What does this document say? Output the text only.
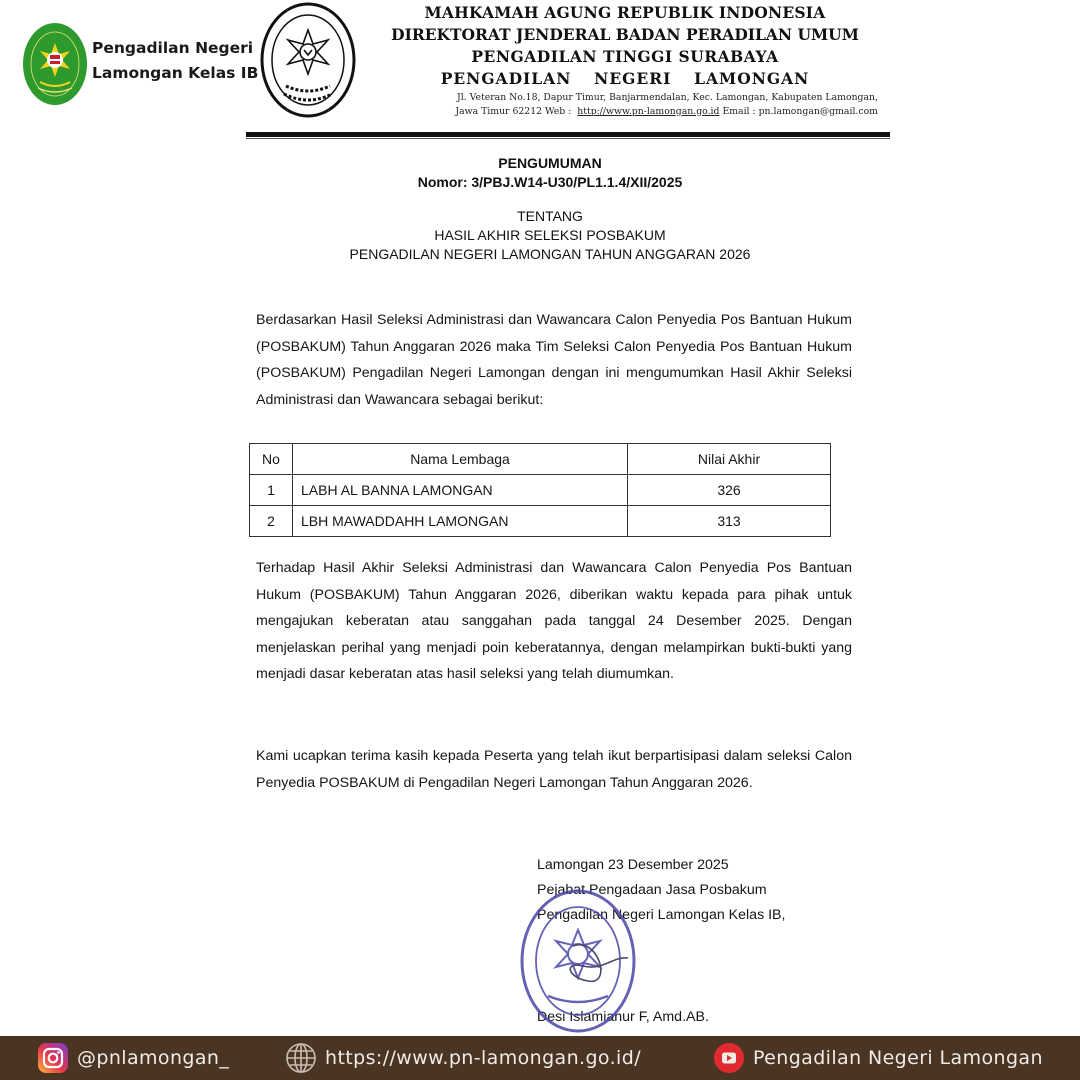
Pengadilan Negeri
Lamongan Kelas IB
MAHKAMAH AGUNG REPUBLIK INDONESIA
DIREKTORAT JENDERAL BADAN PERADILAN UMUM
PENGADILAN TINGGI SURABAYA
PENGADILAN  NEGERI  LAMONGAN
Jl. Veteran No.18, Dapur Timur, Banjarmendalan, Kec. Lamongan, Kabupaten Lamongan,
Jawa Timur 62212 Web :  http://www.pn-lamongan.go.id Email : pn.lamongan@gmail.com
PENGUMUMAN
Nomor: 3/PBJ.W14-U30/PL1.1.4/XII/2025
TENTANG
HASIL AKHIR SELEKSI POSBAKUM
PENGADILAN NEGERI LAMONGAN TAHUN ANGGARAN 2026
Berdasarkan Hasil Seleksi Administrasi dan Wawancara Calon Penyedia Pos Bantuan Hukum (POSBAKUM) Tahun Anggaran 2026 maka Tim Seleksi Calon Penyedia Pos Bantuan Hukum (POSBAKUM) Pengadilan Negeri Lamongan dengan ini mengumumkan Hasil Akhir Seleksi Administrasi dan Wawancara sebagai berikut:
No	Nama Lembaga	Nilai Akhir
1	LABH AL BANNA LAMONGAN	326
2	LBH MAWADDAHH LAMONGAN	313
Terhadap Hasil Akhir Seleksi Administrasi dan Wawancara Calon Penyedia Pos Bantuan Hukum (POSBAKUM) Tahun Anggaran 2026, diberikan waktu kepada para pihak untuk mengajukan keberatan atau sanggahan pada tanggal 24 Desember 2025. Dengan menjelaskan perihal yang menjadi poin keberatannya, dengan melampirkan bukti-bukti yang menjadi dasar keberatan atas hasil seleksi yang telah diumumkan.
Kami ucapkan terima kasih kepada Peserta yang telah ikut berpartisipasi dalam seleksi Calon Penyedia POSBAKUM di Pengadilan Negeri Lamongan Tahun Anggaran 2026.
Lamongan 23 Desember 2025
Pejabat Pengadaan Jasa Posbakum
Pengadilan Negeri Lamongan Kelas IB,
Desi Islamianur F, Amd.AB.
@pnlamongan_	https://www.pn-lamongan.go.id/	Pengadilan Negeri Lamongan
